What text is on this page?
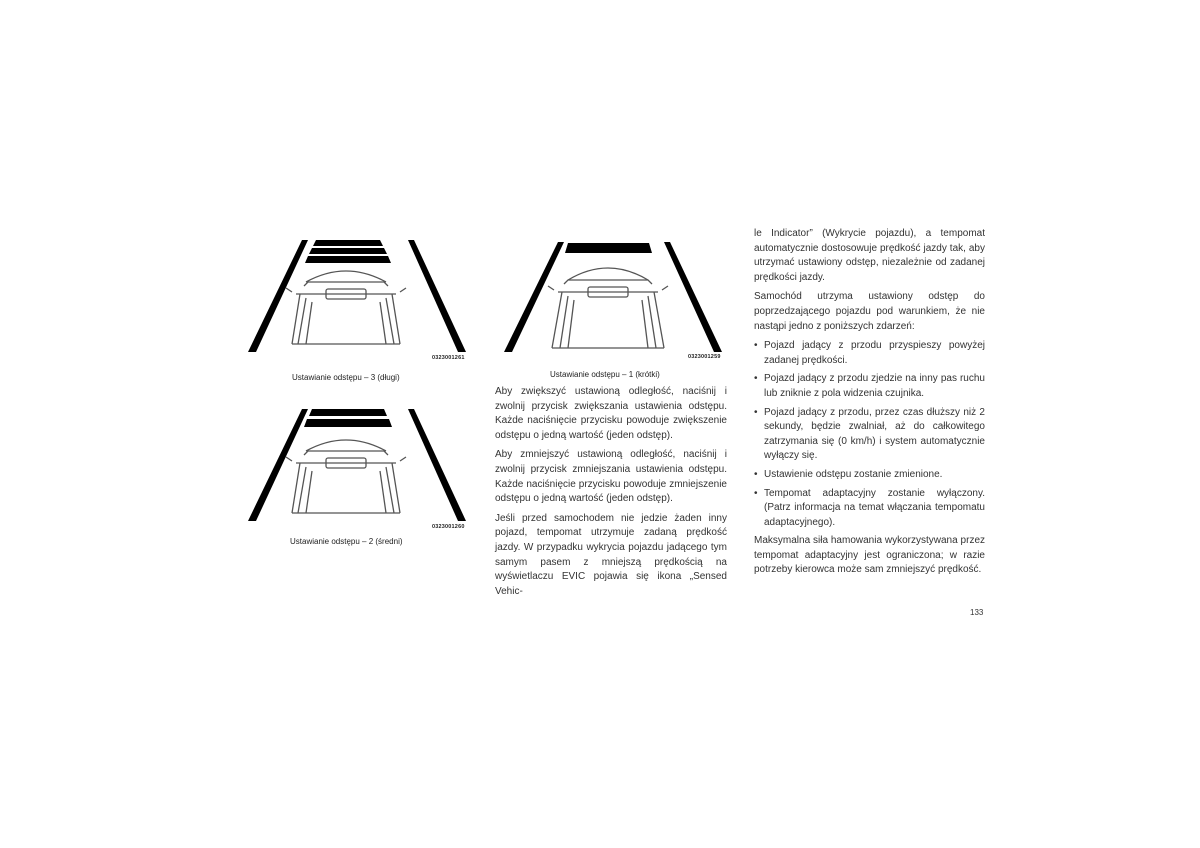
0323001261
Ustawianie odstępu – 3 (długi)
0323001260
Ustawianie odstępu – 2 (średni)
0323001259
Ustawianie odstępu – 1 (krótki)

Aby zwiększyć ustawioną odległość, naciśnij i zwolnij przycisk zwiększania ustawienia odstępu. Każde naciśnięcie przycisku powoduje zwiększenie odstępu o jedną wartość (jeden odstęp).

Aby zmniejszyć ustawioną odległość, naciśnij i zwolnij przycisk zmniejszania ustawienia odstępu. Każde naciśnięcie przycisku powoduje zmniejszenie odstępu o jedną wartość (jeden odstęp).

Jeśli przed samochodem nie jedzie żaden inny pojazd, tempomat utrzymuje zadaną prędkość jazdy. W przypadku wykrycia pojazdu jadącego tym samym pasem z mniejszą prędkością na wyświetlaczu EVIC pojawia się ikona „Sensed Vehic-

le Indicator” (Wykrycie pojazdu), a tempomat automatycznie dostosowuje prędkość jazdy tak, aby utrzymać ustawiony odstęp, niezależnie od zadanej prędkości jazdy.

Samochód utrzyma ustawiony odstęp do poprzedzającego pojazdu pod warunkiem, że nie nastąpi jedno z poniższych zdarzeń:

• Pojazd jadący z przodu przyspieszy powyżej zadanej prędkości.
• Pojazd jadący z przodu zjedzie na inny pas ruchu lub zniknie z pola widzenia czujnika.
• Pojazd jadący z przodu, przez czas dłuższy niż 2 sekundy, będzie zwalniał, aż do całkowitego zatrzymania się (0 km/h) i system automatycznie wyłączy się.
• Ustawienie odstępu zostanie zmienione.
• Tempomat adaptacyjny zostanie wyłączony. (Patrz informacja na temat włączania tempomatu adaptacyjnego).

Maksymalna siła hamowania wykorzystywana przez tempomat adaptacyjny jest ograniczona; w razie potrzeby kierowca może sam zmniejszyć prędkość.

133
